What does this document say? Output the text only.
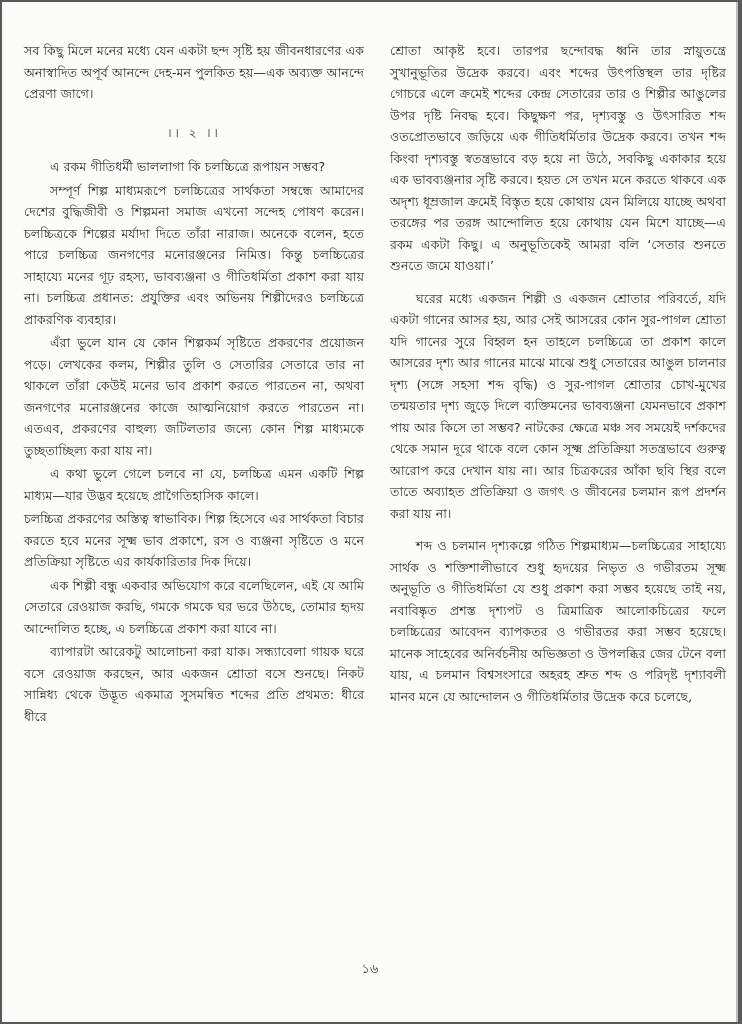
সব কিছু মিলে মনের মধ্যে যেন একটা ছন্দ সৃষ্টি হয় জীবনধারণের এক অনাস্বাদিত অপূর্ব আনন্দে দেহ-মন পুলকিত হয়—এক অব্যক্ত আনন্দে প্রেরণা জাগে।

।। ২ ।।

এ রকম গীতিধর্মী ভাললাগা কি চলচ্চিত্রে রূপায়ন সম্ভব?

সম্পূর্ণ শিল্প মাধ্যমরূপে চলচ্চিত্রের সার্থকতা সম্বন্ধে আমাদের দেশের বুদ্ধিজীবী ও শিল্পমনা সমাজ এখনো সন্দেহ পোষণ করেন। চলচ্চিত্রকে শিল্পের মর্যাদা দিতে তাঁরা নারাজ। অনেকে বলেন, হতে পারে চলচ্চিত্র জনগণের মনোরঞ্জনের নিমিত্ত। কিন্তু চলচ্চিত্রের সাহায্যে মনের গূঢ় রহস্য, ভাবব্যঞ্জনা ও গীতিধর্মিতা প্রকাশ করা যায় না। চলচ্চিত্র প্রধানত: প্রযুক্তির এবং অভিনয় শিল্পীদেরও চলচ্চিত্রে প্রাকরণিক ব্যবহার।

এঁরা ভুলে যান যে কোন শিল্পকর্ম সৃষ্টিতে প্রকরণের প্রয়োজন পড়ে। লেখকের কলম, শিল্পীর তুলি ও সেতারির সেতারে তার না থাকলে তাঁরা কেউই মনের ভাব প্রকাশ করতে পারতেন না, অথবা জনগণের মনোরঞ্জনের কাজে আত্মনিয়োগ করতে পারতেন না। এতএব, প্রকরণের বাহুল্য জটিলতার জন্যে কোন শিল্প মাধ্যমকে তুচ্ছতাচ্ছিল্য করা যায় না।

এ কথা ভুলে গেলে চলবে না যে, চলচ্চিত্র এমন একটি শিল্প মাধ্যম—যার উদ্ভব হয়েছে প্রাগৈতিহাসিক কালে।

চলচ্চিত্র প্রকরণের অস্তিত্ব স্বাভাবিক। শিল্প হিসেবে এর সার্থকতা বিচার করতে হবে মনের সূক্ষ্ম ভাব প্রকাশে, রস ও ব্যঞ্জনা সৃষ্টিতে ও মনে প্রতিক্রিয়া সৃষ্টিতে এর কার্যকারিতার দিক দিয়ে।

এক শিল্পী বন্ধু একবার অভিযোগ করে বলেছিলেন, এই যে আমি সেতারে রেওয়াজ করছি, গমকে গমকে ঘর ভরে উঠছে, তোমার হৃদয় আন্দোলিত হচ্ছে, এ চলচ্চিত্রে প্রকাশ করা যাবে না।

ব্যাপারটা আরেকটু আলোচনা করা যাক। সন্ধ্যাবেলা গায়ক ঘরে বসে রেওয়াজ করছেন, আর একজন শ্রোতা বসে শুনছে। নিকট সান্নিধ্য থেকে উদ্ভূত একমাত্র সুসমন্বিত শব্দের প্রতি প্রথমত: ধীরে ধীরে

শ্রোতা আকৃষ্ট হবে। তারপর ছন্দোবদ্ধ ধ্বনি তার স্নায়ুতন্ত্রে সুখানুভূতির উদ্রেক করবে। এবং শব্দের উৎপত্তিস্থল তার দৃষ্টির গোচরে এলে ক্রমেই শব্দের কেন্দ্র সেতারের তার ও শিল্পীর আঙুলের উপর দৃষ্টি নিবদ্ধ হবে। কিছুক্ষণ পর, দৃশ্যবস্তু ও উৎসারিত শব্দ ওতপ্রোতভাবে জড়িয়ে এক গীতিধর্মিতার উদ্রেক করবে। তখন শব্দ কিংবা দৃশ্যবস্তু স্বতন্ত্রভাবে বড় হয়ে না উঠে, সবকিছু একাকার হয়ে এক ভাবব্যঞ্জনার সৃষ্টি করবে। হয়ত সে তখন মনে করতে থাকবে এক অদৃশ্য ধূম্রজাল ক্রমেই বিস্তৃত হয়ে কোথায় যেন মিলিয়ে যাচ্ছে অথবা তরঙ্গের পর তরঙ্গ আন্দোলিত হয়ে কোথায় যেন মিশে যাচ্ছে—এ রকম একটা কিছু। এ অনুভূতিকেই আমরা বলি ‘সেতার শুনতে শুনতে জমে যাওয়া।’

ঘরের মধ্যে একজন শিল্পী ও একজন শ্রোতার পরিবর্তে, যদি একটা গানের আসর হয়, আর সেই আসরের কোন সুর-পাগল শ্রোতা যদি গানের সুরে বিহ্বল হন তাহলে চলচ্চিত্রে তা প্রকাশ কালে আসরের দৃশ্য আর গানের মাঝে মাঝে শুধু সেতারের আঙুল চালনার দৃশ্য (সঙ্গে সহসা শব্দ বৃদ্ধি) ও সুর-পাগল শ্রোতার চোখ-মুখের তন্ময়তার দৃশ্য জুড়ে দিলে ব্যক্তিমনের ভাবব্যঞ্জনা যেমনভাবে প্রকাশ পায় আর কিসে তা সম্ভব? নাটকের ক্ষেত্রে মঞ্চ সব সময়েই দর্শকদের থেকে সমান দূরে থাকে বলে কোন সূক্ষ্ম প্রতিক্রিয়া সতন্ত্রভাবে গুরুত্ব আরোপ করে দেখান যায় না। আর চিত্রকরের আঁকা ছবি স্থির বলে তাতে অব্যাহত প্রতিক্রিয়া ও জগৎ ও জীবনের চলমান রূপ প্রদর্শন করা যায় না।

শব্দ ও চলমান দৃশ্যকল্পে গঠিত শিল্পমাধ্যম—চলচ্চিত্রের সাহায্যে সার্থক ও শক্তিশালীভাবে শুধু হৃদয়ের নিভৃত ও গভীরতম সূক্ষ্ম অনুভূতি ও গীতিধর্মিতা যে শুধু প্রকাশ করা সম্ভব হয়েছে তাই নয়, নবাবিষ্কৃত প্রশস্ত দৃশ্যপট ও ত্রিমাত্রিক আলোকচিত্রের ফলে চলচ্চিত্রের আবেদন ব্যাপকতর ও গভীরতর করা সম্ভব হয়েছে। মানেক সাহেবের অনির্বচনীয় অভিজ্ঞতা ও উপলব্ধির জের টেনে বলা যায়, এ চলমান বিশ্বসংসারে অহরহ শ্রুত শব্দ ও পরিদৃষ্ট দৃশ্যাবলী মানব মনে যে আন্দোলন ও গীতিধর্মিতার উদ্রেক করে চলেছে,

১৬
